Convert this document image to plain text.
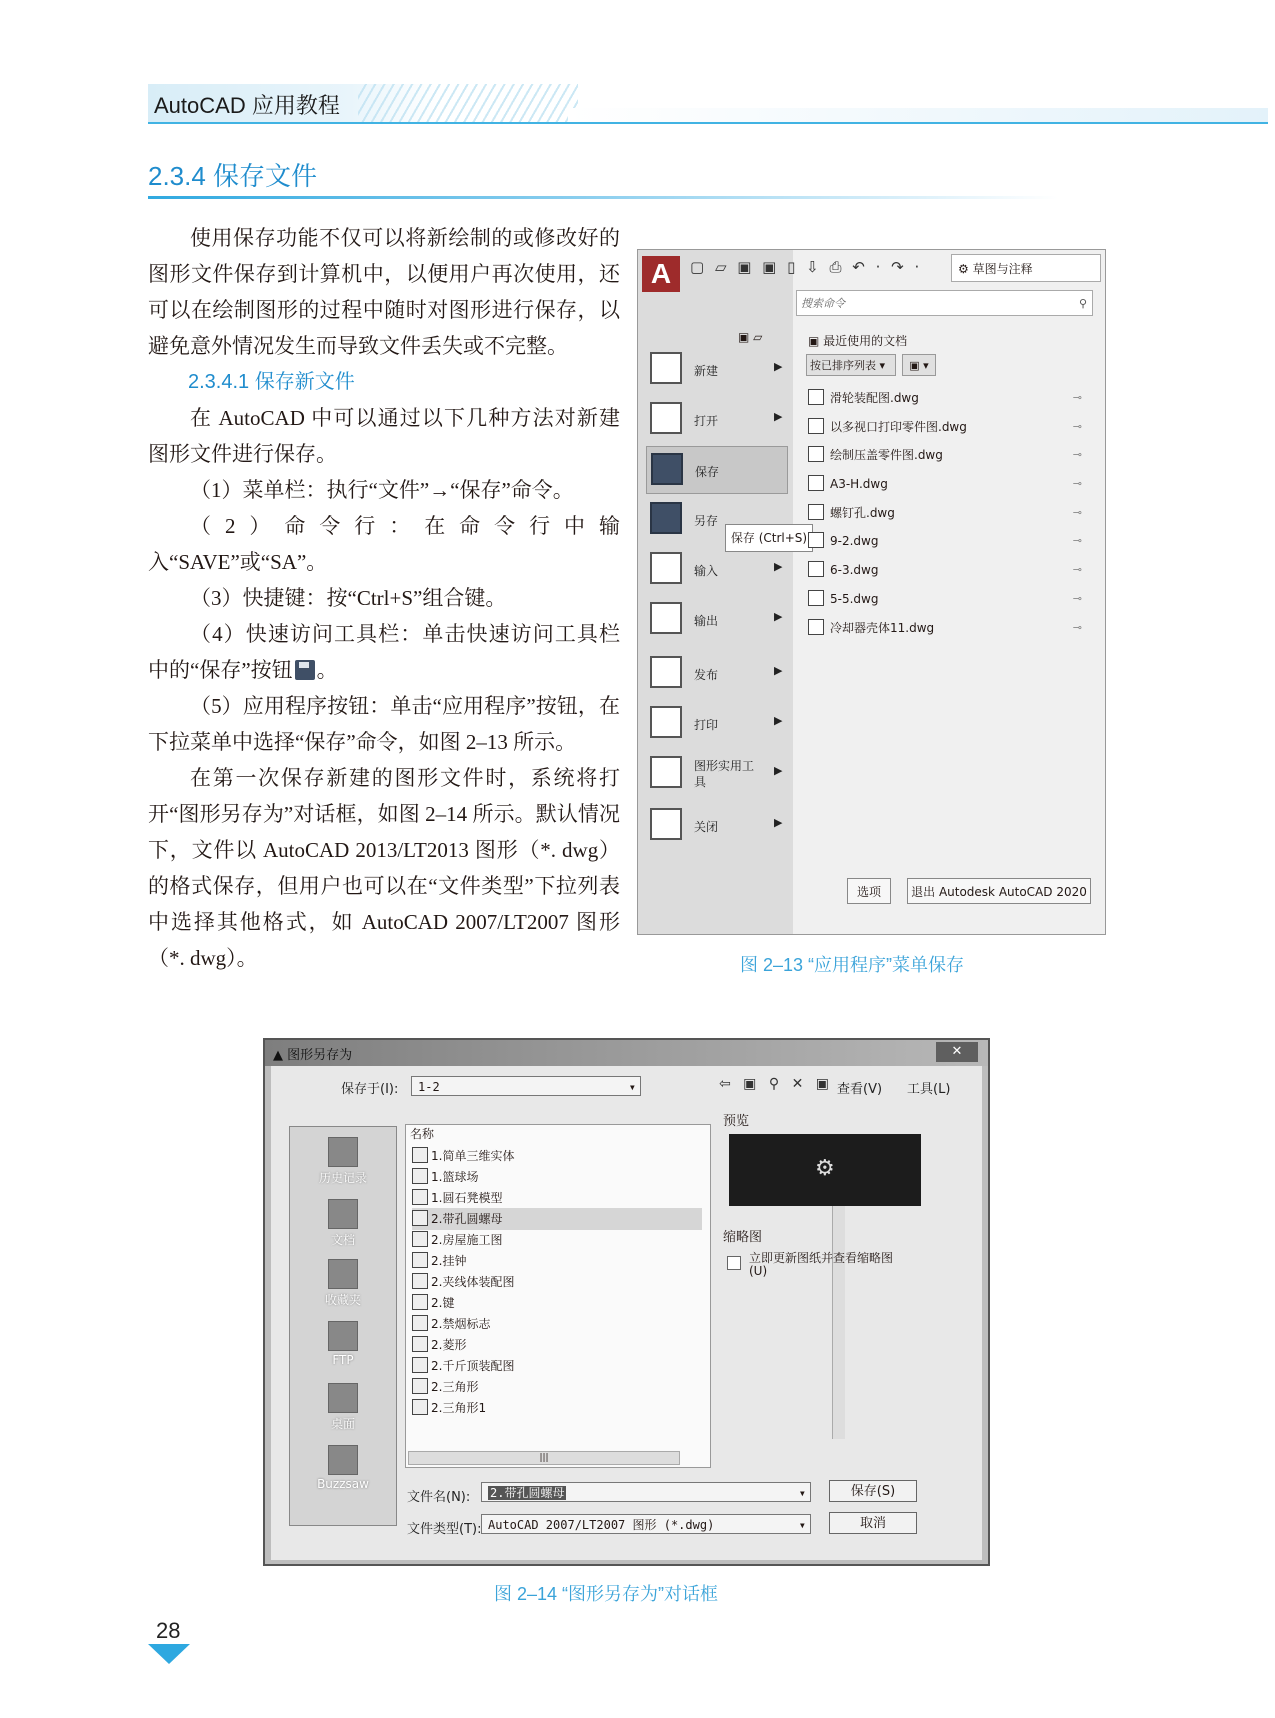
AutoCAD 应用教程
2.3.4 保存文件

使用保存功能不仅可以将新绘制的或修改好的图形文件保存到计算机中，以便用户再次使用，还可以在绘制图形的过程中随时对图形进行保存，以避免意外情况发生而导致文件丢失或不完整。

2.3.4.1 保存新文件

在 AutoCAD 中可以通过以下几种方法对新建图形文件进行保存。

（1）菜单栏：执行“文件”→“保存”命令。

（2）命令行：在命令行中输入“SAVE”或“SA”。

（3）快捷键：按“Ctrl+S”组合键。

（4）快速访问工具栏：单击快速访问工具栏中的“保存”按钮 。

（5）应用程序按钮：单击“应用程序”按钮，在下拉菜单中选择“保存”命令，如图 2–13 所示。

在第一次保存新建的图形文件时，系统将打开“图形另存为”对话框，如图 2–14 所示。默认情况下，文件以 AutoCAD 2013/LT2013 图形（*. dwg）的格式保存，但用户也可以在“文件类型”下拉列表中选择其他格式，如 AutoCAD 2007/LT2007 图形（*. dwg）。

A	▢ ▱ ▣ ▣ ▯ ⇩ ⎙ ↶ · ↷ ·	⚙ 草图与注释
搜索命令	⚲
▣ ▱
新建	▶
打开	▶
保存
另存
保存 (Ctrl+S)
输入	▶
输出	▶
发布	▶
打印	▶
图形实用工具
▶
关闭	▶
▣ 最近使用的文档
按已排序列表 ▾	▣ ▾
滑轮装配图.dwg	⊸
以多视口打印零件图.dwg	⊸
绘制压盖零件图.dwg	⊸
A3-H.dwg	⊸
螺钉孔.dwg	⊸
9-2.dwg	⊸
6-3.dwg	⊸
5-5.dwg	⊸
冷却器壳体11.dwg	⊸
选项	退出 Autodesk AutoCAD 2020
图 2–13 “应用程序”菜单保存
▲ 图形另存为	✕
保存于(I):	1-2	▾	⇦ ▣ ⚲ ✕ ▣ 查看(V) 工具(L)
历史记录
文档
收藏夹
FTP
桌面
Buzzsaw
名称
1.简单三维实体
1.篮球场
1.圆石凳模型
2.带孔圆螺母
2.房屋施工图
2.挂钟
2.夹线体装配图
2.键
2.禁烟标志
2.菱形
2.千斤顶装配图
2.三角形
2.三角形1
|||
预览
⚙
缩略图
立即更新图纸并查看缩略图(U)
文件名(N):	2.带孔圆螺母	▾
文件类型(T): AutoCAD 2007/LT2007 图形 (*.dwg)	▾
保存(S)
取消
图 2–14 “图形另存为”对话框
28
